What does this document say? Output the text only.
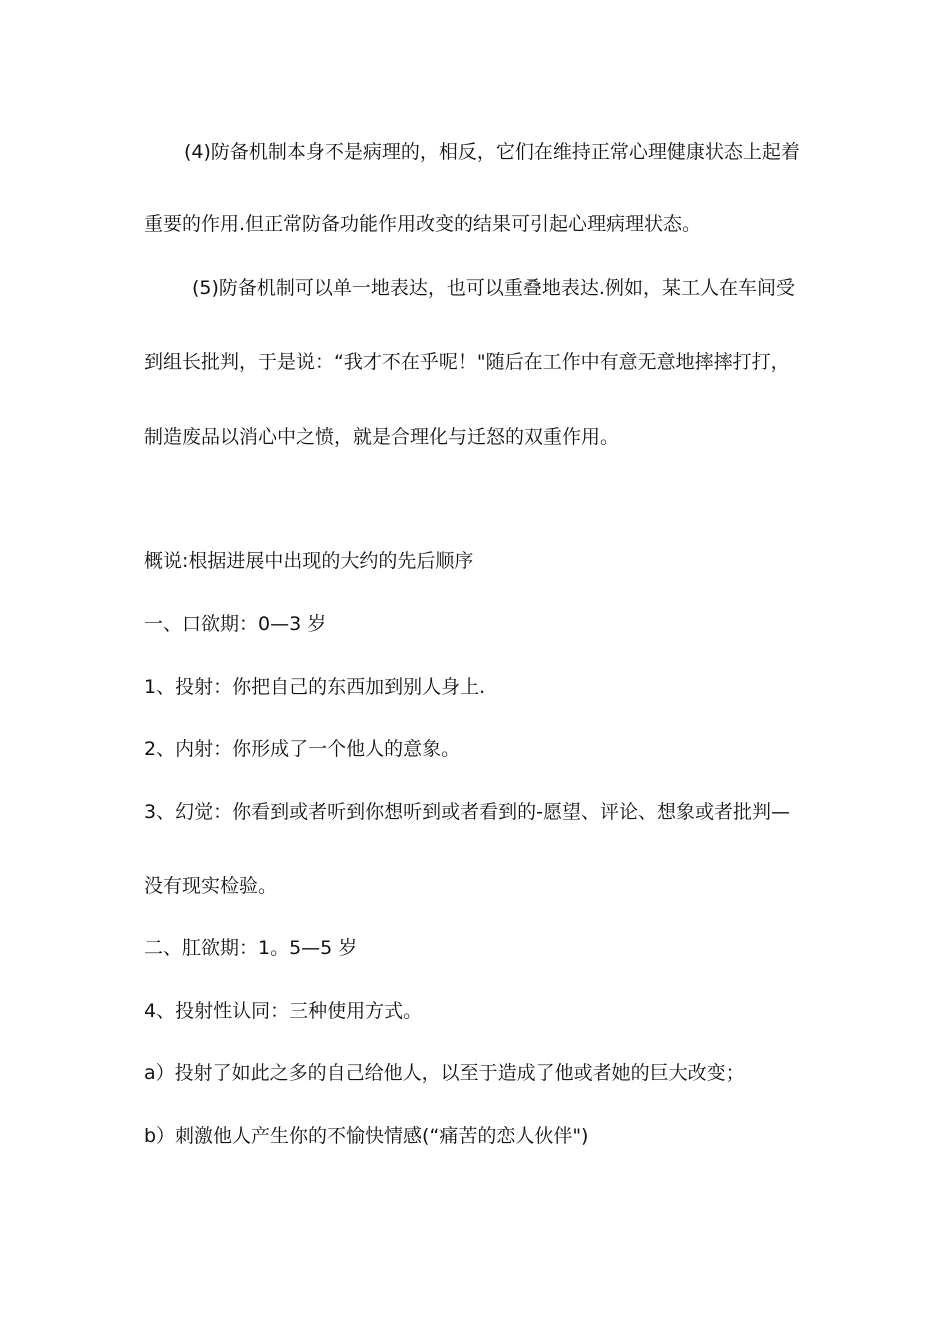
(4)防备机制本身不是病理的，相反，它们在维持正常心理健康状态上起着
重要的作用.但正常防备功能作用改变的结果可引起心理病理状态。
(5)防备机制可以单一地表达，也可以重叠地表达.例如，某工人在车间受
到组长批判，于是说：“我才不在乎呢！"随后在工作中有意无意地摔摔打打，
制造废品以消心中之愤，就是合理化与迁怒的双重作用。
概说:根据进展中出现的大约的先后顺序
一、口欲期：0—3 岁
1、投射：你把自己的东西加到别人身上.
2、内射：你形成了一个他人的意象。
3、幻觉：你看到或者听到你想听到或者看到的-愿望、评论、想象或者批判—
没有现实检验。
二、肛欲期：1。5—5 岁
4、投射性认同：三种使用方式。
a）投射了如此之多的自己给他人，以至于造成了他或者她的巨大改变；
b）刺激他人产生你的不愉快情感(“痛苦的恋人伙伴")
